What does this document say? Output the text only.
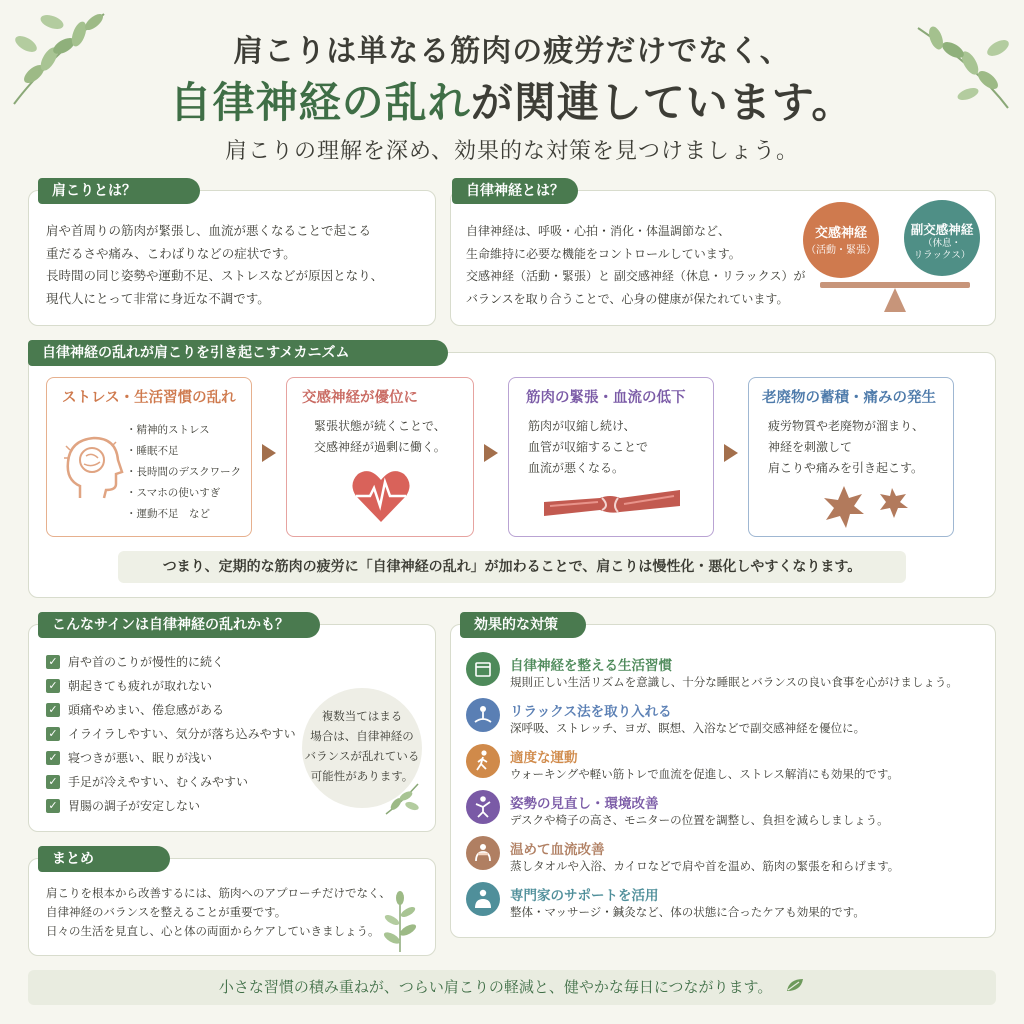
肩こりは単なる筋肉の疲労だけでなく、
自律神経の乱れが関連しています。
肩こりの理解を深め、効果的な対策を見つけましょう。
肩こりとは？
肩や首周りの筋肉が緊張し、血流が悪くなることで起こる
重だるさや痛み、こわばりなどの症状です。
長時間の同じ姿勢や運動不足、ストレスなどが原因となり、
現代人にとって非常に身近な不調です。
自律神経とは？
自律神経は、呼吸・心拍・消化・体温調節など、
生命維持に必要な機能をコントロールしています。
交感神経（活動・緊張）と 副交感神経（休息・リラックス）が
バランスを取り合うことで、心身の健康が保たれています。
交感神経
（活動・緊張）
副交感神経
（休息・
リラックス）
自律神経の乱れが肩こりを引き起こすメカニズム
ストレス・生活習慣の乱れ
・精神的ストレス
・睡眠不足
・長時間のデスクワーク
・スマホの使いすぎ
・運動不足　など
交感神経が優位に
緊張状態が続くことで、
交感神経が過剰に働く。
筋肉の緊張・血流の低下
筋肉が収縮し続け、
血管が収縮することで
血流が悪くなる。
老廃物の蓄積・痛みの発生
疲労物質や老廃物が溜まり、
神経を刺激して
肩こりや痛みを引き起こす。
つまり、定期的な筋肉の疲労に「自律神経の乱れ」が加わることで、肩こりは慢性化・悪化しやすくなります。
こんなサインは自律神経の乱れかも？
✓ 肩や首のこりが慢性的に続く
✓ 朝起きても疲れが取れない
✓ 頭痛やめまい、倦怠感がある
✓ イライラしやすい、気分が落ち込みやすい
✓ 寝つきが悪い、眠りが浅い
✓ 手足が冷えやすい、むくみやすい
✓ 胃腸の調子が安定しない
複数当てはまる
場合は、自律神経の
バランスが乱れている
可能性があります。
まとめ
肩こりを根本から改善するには、筋肉へのアプローチだけでなく、
自律神経のバランスを整えることが重要です。
日々の生活を見直し、心と体の両面からケアしていきましょう。
効果的な対策
自律神経を整える生活習慣
規則正しい生活リズムを意識し、十分な睡眠とバランスの良い食事を心がけましょう。
リラックス法を取り入れる
深呼吸、ストレッチ、ヨガ、瞑想、入浴などで副交感神経を優位に。
適度な運動
ウォーキングや軽い筋トレで血流を促進し、ストレス解消にも効果的です。
姿勢の見直し・環境改善
デスクや椅子の高さ、モニターの位置を調整し、負担を減らしましょう。
温めて血流改善
蒸しタオルや入浴、カイロなどで肩や首を温め、筋肉の緊張を和らげます。
専門家のサポートを活用
整体・マッサージ・鍼灸など、体の状態に合ったケアも効果的です。
小さな習慣の積み重ねが、つらい肩こりの軽減と、健やかな毎日につながります。
